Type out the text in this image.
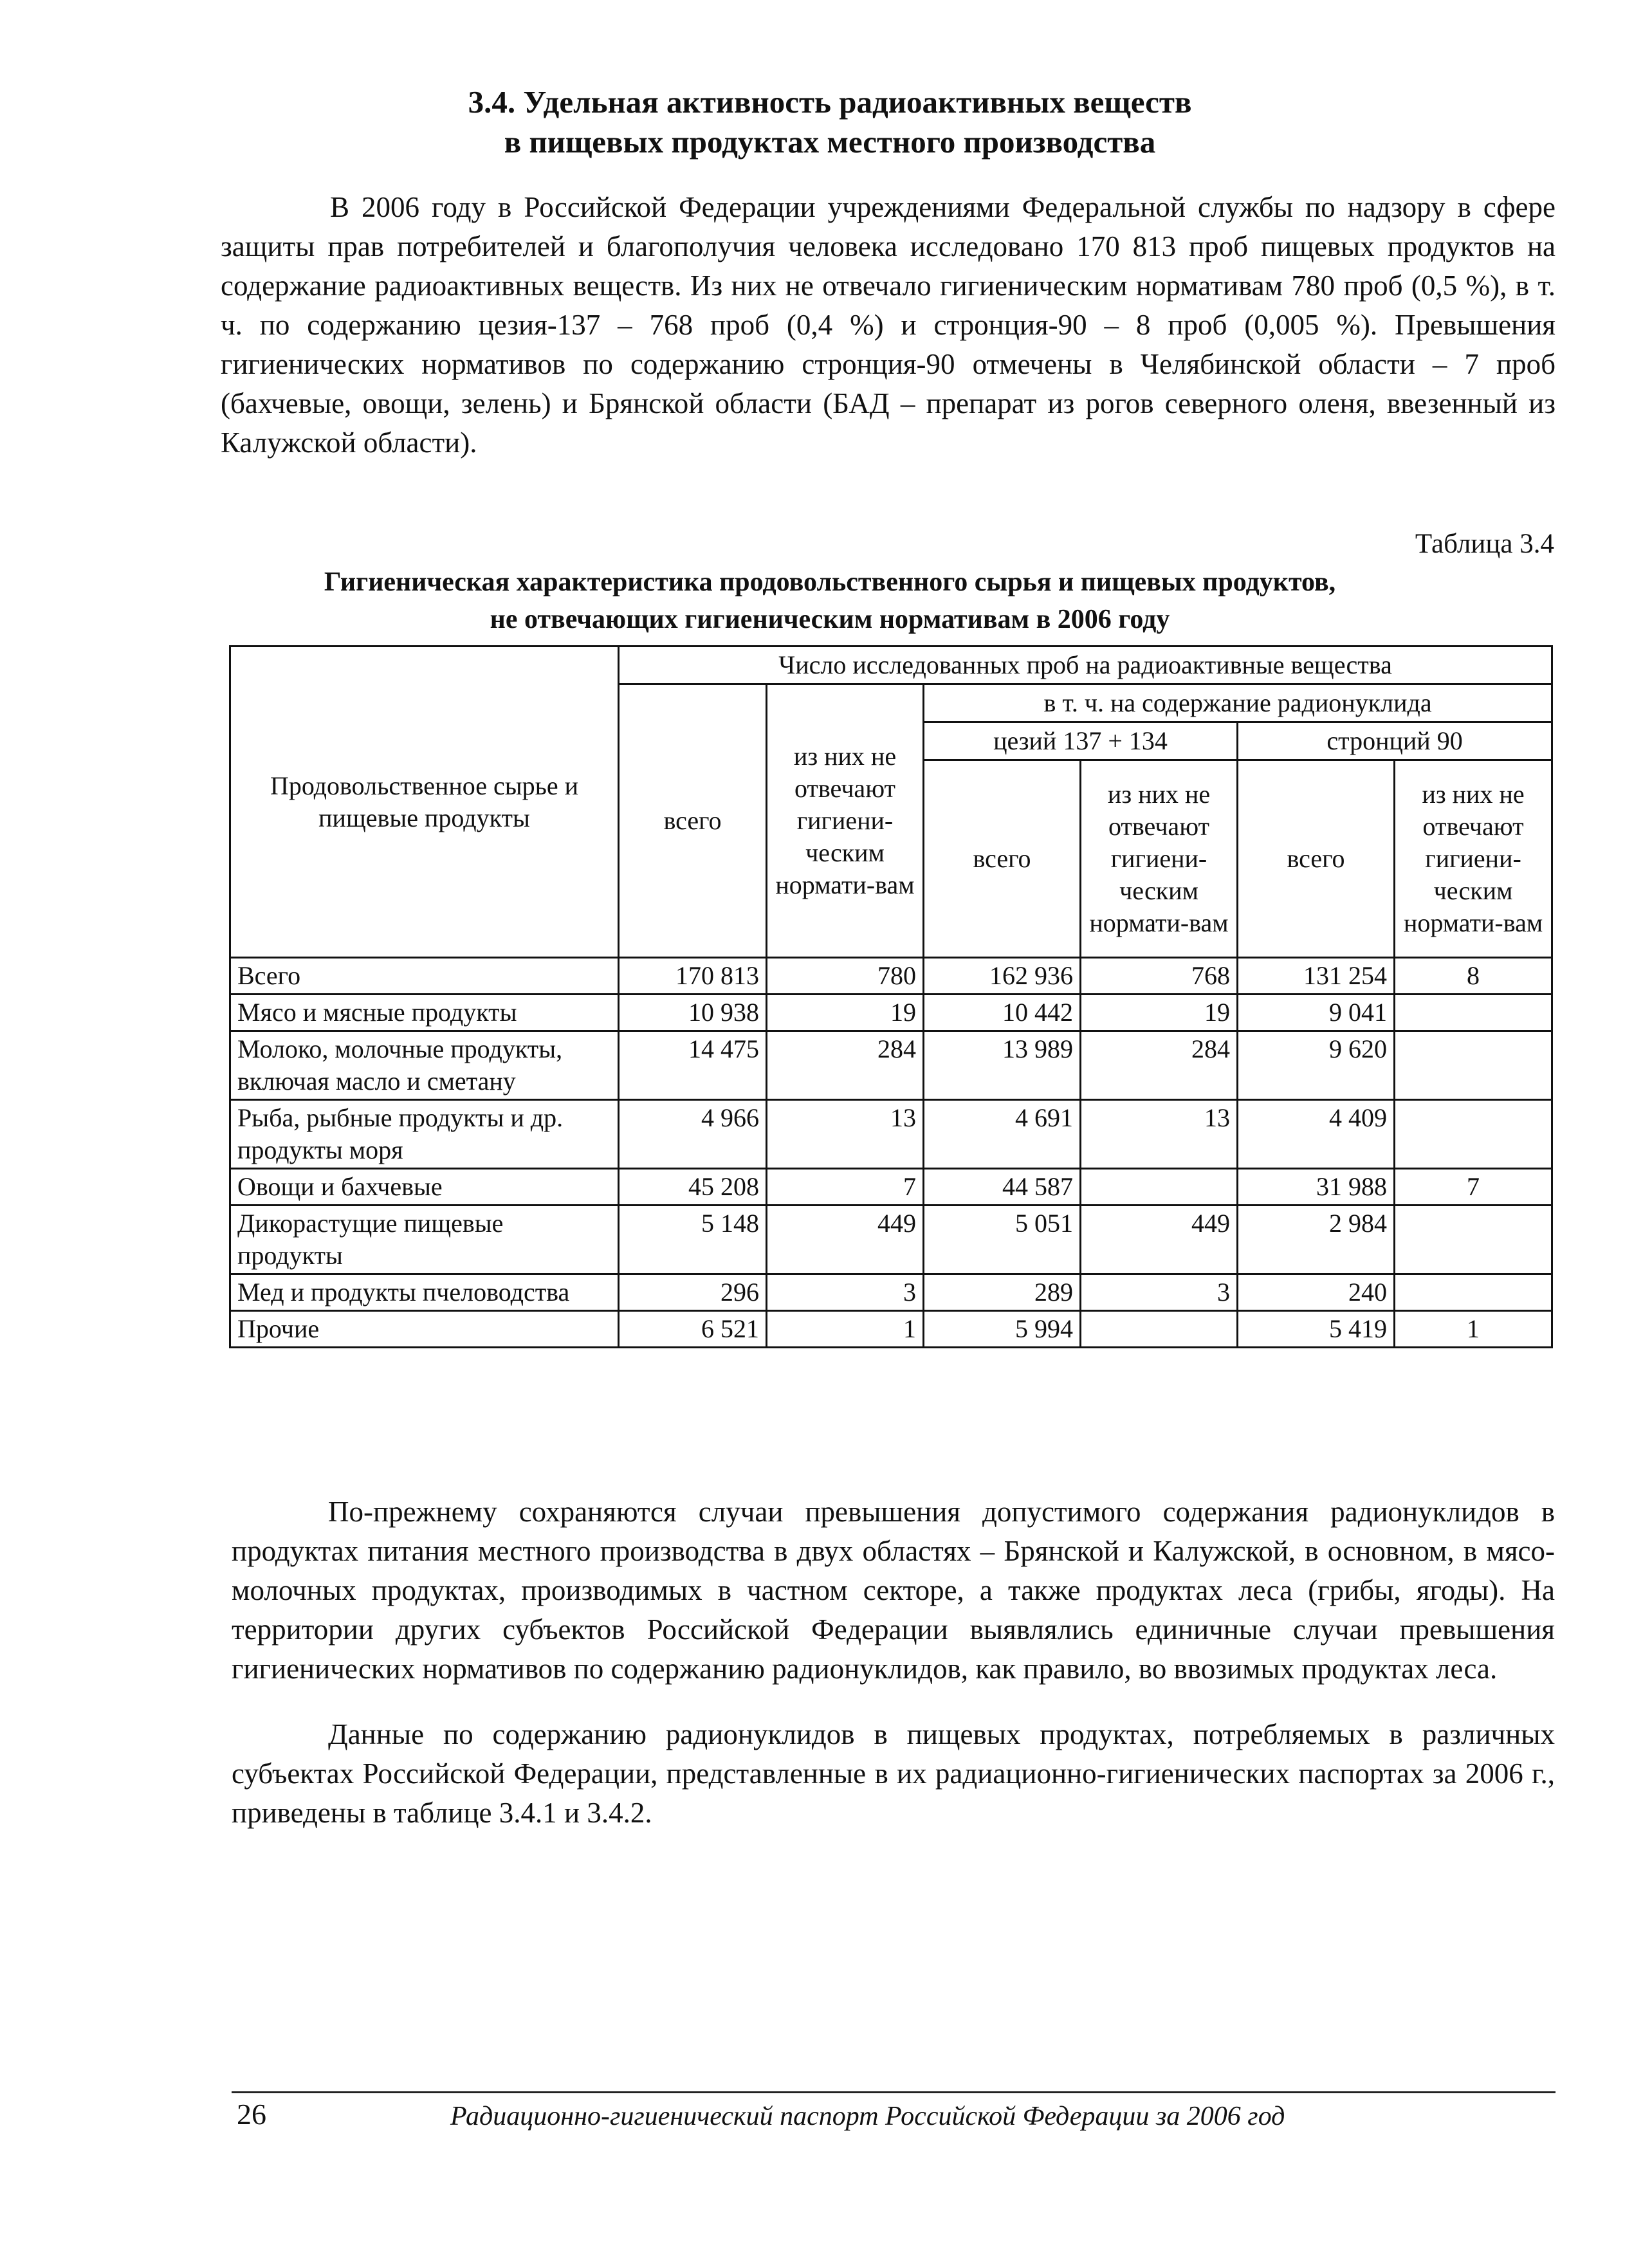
3.4. Удельная активность радиоактивных веществ
в пищевых продуктах местного производства
В 2006 году в Российской Федерации учреждениями Федеральной службы по надзору в сфере защиты прав потребителей и благополучия человека исследовано 170 813 проб пищевых продуктов на содержание радиоактивных веществ. Из них не отвечало гигиеническим нормативам 780 проб (0,5 %), в т. ч. по содержанию цезия-137 – 768 проб (0,4 %) и стронция-90 – 8 проб (0,005 %). Превышения гигиенических нормативов по содержанию стронция-90 отмечены в Челябинской области – 7 проб (бахчевые, овощи, зелень) и Брянской области (БАД – препарат из рогов северного оленя, ввезенный из Калужской области).
Таблица 3.4
Гигиеническая характеристика продовольственного сырья и пищевых продуктов,
не отвечающих гигиеническим нормативам в 2006 году
Продовольственное сырье и пищевые продукты	Число исследованных проб на радиоактивные вещества					
	всего	из них не отвечают гигиени-ческим нормати-вам	в т. ч. на содержание радионуклида			
			цезий 137 + 134		стронций 90	
			всего	из них не отвечают гигиени-ческим нормати-вам	всего	из них не отвечают гигиени-ческим нормати-вам
Всего	170 813	780	162 936	768	131 254	8
Мясо и мясные продукты	10 938	19	10 442	19	9 041	
Молоко, молочные продукты, включая масло и сметану	14 475	284	13 989	284	9 620	
Рыба, рыбные продукты и др. продукты моря	4 966	13	4 691	13	4 409	
Овощи и бахчевые	45 208	7	44 587		31 988	7
Дикорастущие пищевые продукты	5 148	449	5 051	449	2 984	
Мед и продукты пчеловодства	296	3	289	3	240	
Прочие	6 521	1	5 994		5 419	1
По-прежнему сохраняются случаи превышения допустимого содержания радионуклидов в продуктах питания местного производства в двух областях – Брянской и Калужской, в основном, в мясо-молочных продуктах, производимых в частном секторе, а также продуктах леса (грибы, ягоды). На территории других субъектов Российской Федерации выявлялись единичные случаи превышения гигиенических нормативов по содержанию радионуклидов, как правило, во ввозимых продуктах леса.
Данные по содержанию радионуклидов в пищевых продуктах, потребляемых в различных субъектах Российской Федерации, представленные в их радиационно-гигиенических паспортах за 2006 г., приведены в таблице 3.4.1 и 3.4.2.
26	Радиационно-гигиенический паспорт Российской Федерации за 2006 год
